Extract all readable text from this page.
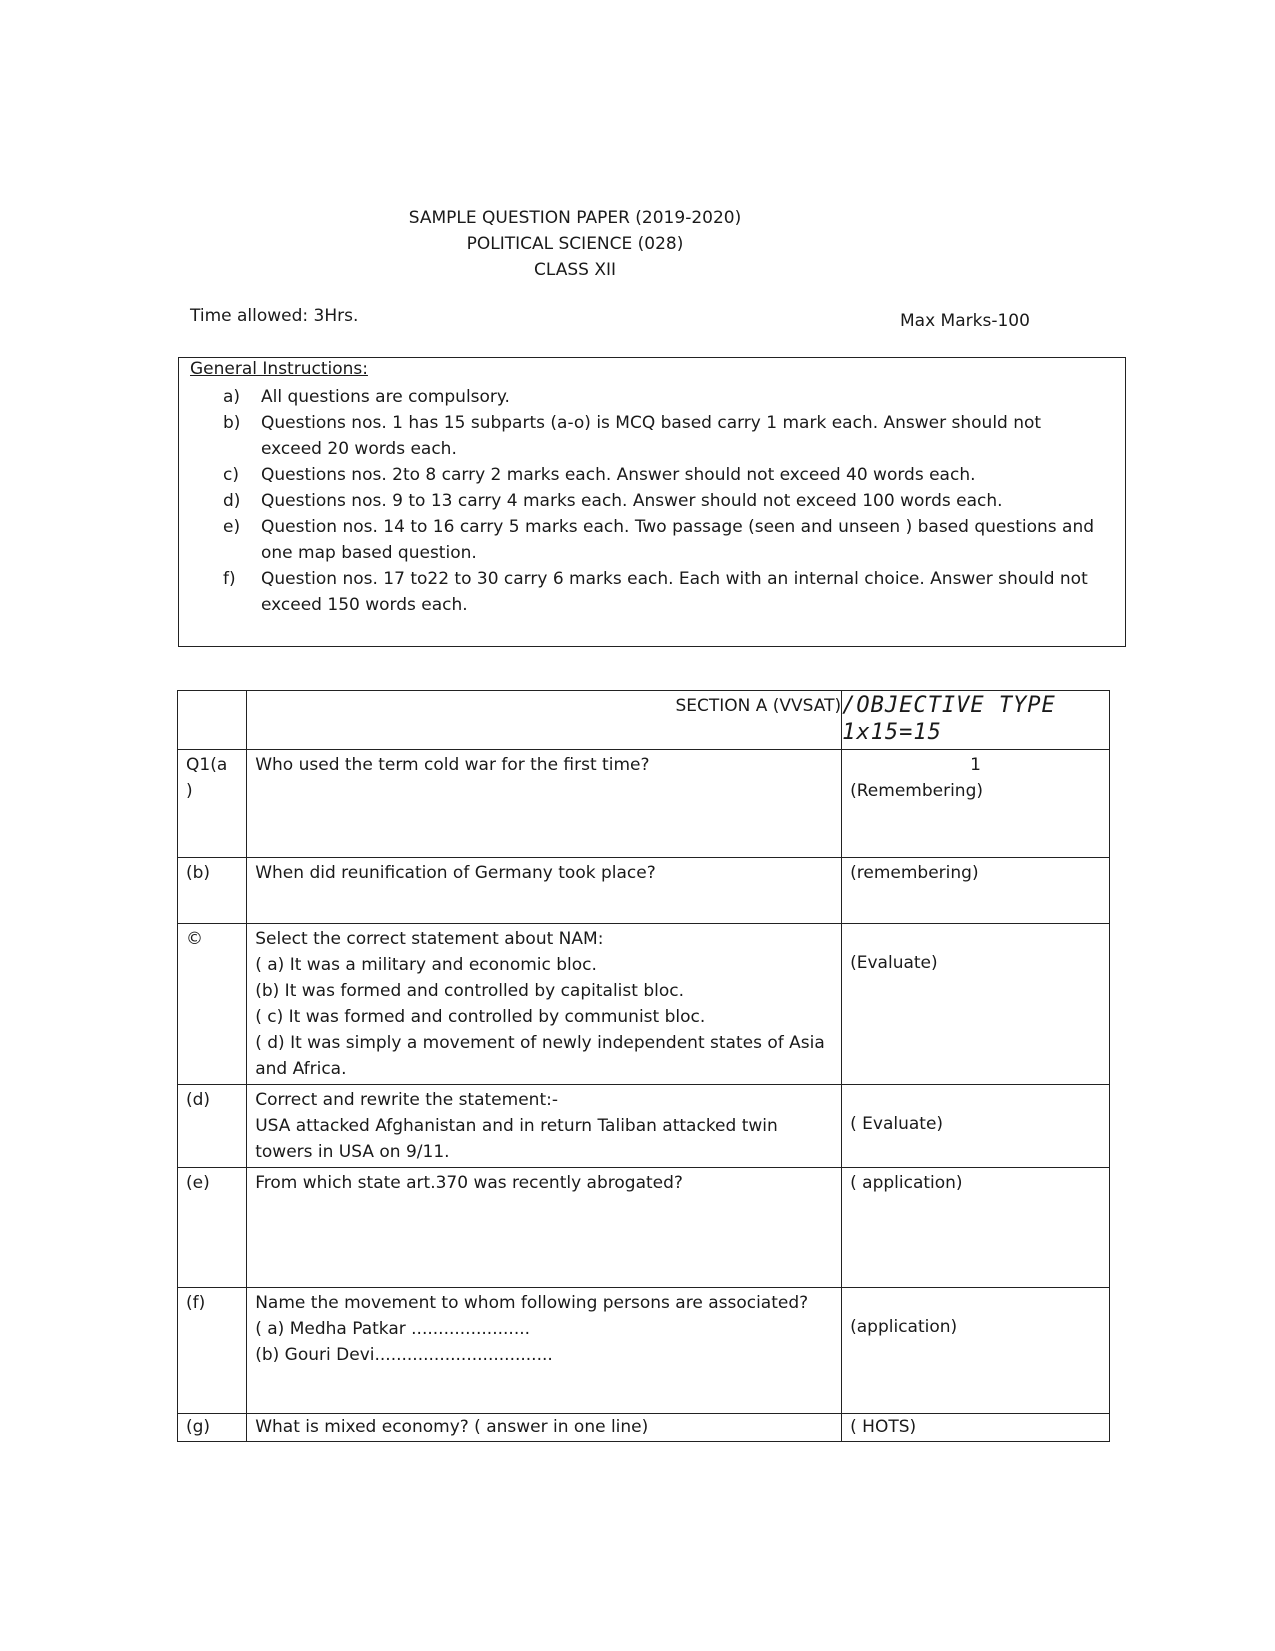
SAMPLE QUESTION PAPER (2019-2020)
POLITICAL SCIENCE (028)
CLASS XII
Time allowed: 3Hrs.	Max Marks-100
General Instructions:
a)	All questions are compulsory.
b)	Questions nos. 1 has 15 subparts (a-o) is MCQ based carry 1 mark each. Answer should not exceed 20 words each.
c)	Questions nos. 2to 8 carry 2 marks each. Answer should not exceed 40 words each.
d)	Questions nos. 9 to 13 carry 4 marks each. Answer should not exceed 100 words each.
e)	Question nos. 14 to 16 carry 5 marks each. Two passage (seen and unseen ) based questions and one map based question.
f)	Question nos. 17 to22 to 30 carry 6 marks each. Each with an internal choice. Answer should not exceed 150 words each.
	SECTION A (VVSAT)	/OBJECTIVE TYPE 1x15=15
Q1(a )	Who used the term cold war for the first time?	1
(Remembering)

(b)	When did reunification of Germany took place?	(remembering)

©	Select the correct statement about NAM:
( a) It was a military and economic bloc.
(b) It was formed and controlled by capitalist bloc.
( c) It was formed and controlled by communist bloc.
( d) It was simply a movement of newly independent states of Asia and Africa.	(Evaluate)

(d)	Correct and rewrite the statement:-
USA attacked Afghanistan and in return Taliban attacked twin towers in USA on 9/11.	( Evaluate)

(e)	From which state art.370 was recently abrogated?	( application)

(f)	Name the movement to whom following persons are associated?
( a) Medha Patkar ......................
(b) Gouri Devi.................................	(application)

(g)	What is mixed economy? ( answer in one line)	( HOTS)
